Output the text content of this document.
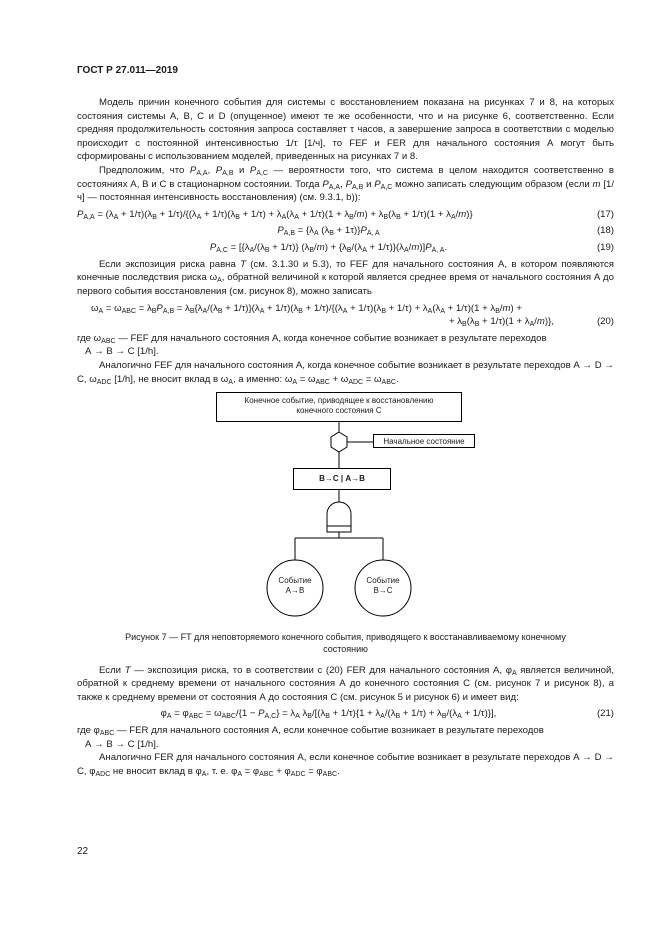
ГОСТ Р 27.011—2019

Модель причин конечного события для системы с восстановлением показана на рисунках 7 и 8, на которых состояния системы А, В, С и D (опущенное) имеют те же особенности, что и на рисунке 6, соответственно. Если средняя продолжительность состояния запроса составляет τ часов, а завершение запроса в соответствии с моделью происходит с постоянной интенсивностью 1/τ [1/ч], то FEF и FER для начального состояния А могут быть сформированы с использованием моделей, приведенных на рисунках 7 и 8.

Предположим, что $P_{A,A}$, $P_{A,B}$ и $P_{A,C}$ — вероятности того, что система в целом находится соответственно в состояниях А, В и С в стационарном состоянии. Тогда $P_{A,A}$, $P_{A,B}$ и $P_{A,C}$ можно записать следующим образом (если m [1/ч] — постоянная интенсивность восстановления) (см. 9.3.1, b)):

$P_{A,A} = (\lambda_A + 1/\tau)(\lambda_B + 1/\tau)/\{(\lambda_A + 1/\tau)(\lambda_B + 1/\tau) + \lambda_A(\lambda_A + 1/\tau)(1 + \lambda_B/m) + \lambda_B(\lambda_B + 1/\tau)(1 + \lambda_A/m)\}$	(17)
$P_{A,B} = \{\lambda_A$ $(\lambda_B + 1\tau)\}P_{A, A}$	(18)
$P_{A,C} = [\{\lambda_A/(\lambda_B + 1/\tau)\} (\lambda_B/m) + \{\lambda_B/(\lambda_A + 1/\tau)\}(\lambda_A/m)]P_{A, A}$.	(19)

Если экспозиция риска равна T (см. 3.1.30 и 5.3), то FEF для начального состояния А, в котором появляются конечные последствия риска $\omega_A$, обратной величиной к которой является среднее время от начального состояния А до первого события восстановления (см. рисунок 8), можно записать

$\omega_A = \omega_{ABC} = \lambda_BP_{A,B} = \lambda_B\{\lambda_A/(\lambda_B + 1/\tau)\}(\lambda_A + 1/\tau)(\lambda_B + 1/\tau)/\{(\lambda_A + 1/\tau)(\lambda_B + 1/\tau) + \lambda_A(\lambda_A + 1/\tau)(1 + \lambda_B/m)$ +
+ $\lambda_B(\lambda_B + 1/\tau)(1 + \lambda_A/m)$},	(20)

где $\omega_{ABC}$ — FEF для начального состояния А, когда конечное событие возникает в результате переходов
А → В → С [1/h].

Аналогично FEF для начального состояния А, когда конечное событие возникает в результате переходов А → D → C, $\omega_{ADC}$ [1/h], не вносит вклад в $\omega_A$, а именно: $\omega_A = \omega_{ABC} + \omega_{ADC} = \omega_{ABC}$.

Конечное событие, приводящее к восстановлению
конечного состояния С
Начальное состояние
В→С | А→В
Событие
А→В
Событие
В→С
Рисунок 7 — FT для неповторяемого конечного события, приводящего к восстанавливаемому конечному
состоянию

Если T — экспозиция риска, то в соответствии с (20) FER для начального состояния А, $\varphi_A$ является величиной, обратной к среднему времени от начального состояния А до конечного состояния С (см. рисунок 7 и рисунок 8), а также к среднему времени от состояния А до состояния С (см. рисунок 5 и рисунок 6) и имеет вид:

$\varphi_A = \varphi_{ABC} = \omega_{ABC}/\{1 - P_{A,C}\} = \lambda_A$ $\lambda_B/[(\lambda_B + 1/\tau)\{1 + \lambda_A/(\lambda_B + 1/\tau) + \lambda_B/(\lambda_A + 1/\tau)\}]$,	(21)

где $\varphi_{ABC}$ — FER для начального состояния А, если конечное событие возникает в результате переходов
А → В → С [1/h].

Аналогично FER для начального состояния А, если конечное событие возникает в результате переходов А → D → C, $\varphi_{ADC}$ не вносит вклад в $\varphi_A$, т. е. $\varphi_A = \varphi_{ABC} + \varphi_{ADC} = \varphi_{ABC}$.

22
